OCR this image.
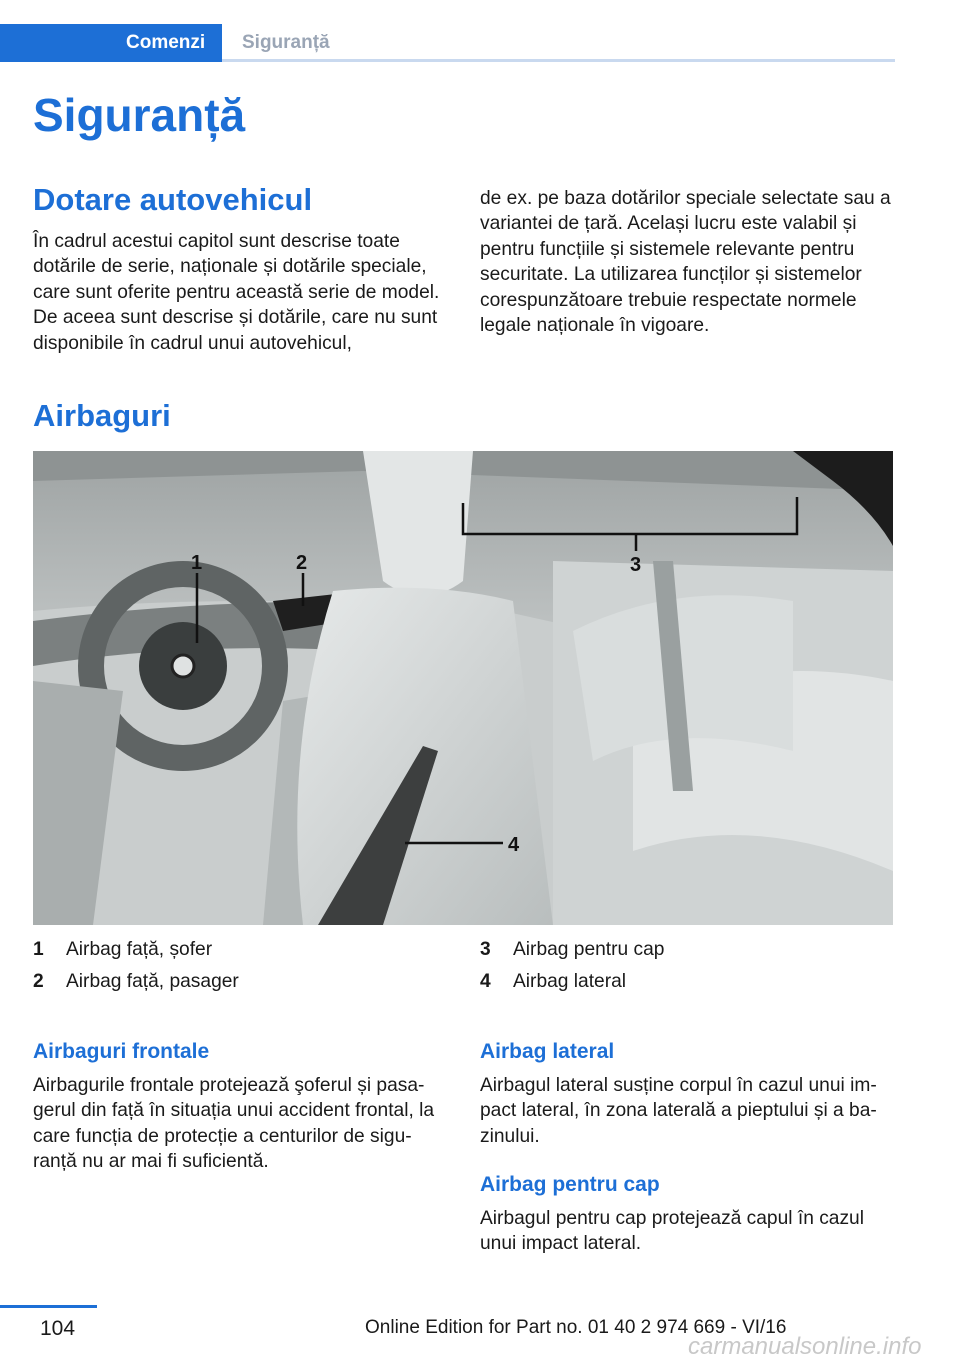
Comenzi	Siguranță
Siguranță
Dotare autovehicul

În cadrul acestui capitol sunt descrise toate dotările de serie, naționale și dotările speciale, care sunt oferite pentru această serie de model. De aceea sunt descrise și dotările, care nu sunt disponibile în cadrul unui autovehicul,

de ex. pe baza dotărilor speciale selectate sau a variantei de țară. Același lucru este valabil și pentru funcțiile și sistemele relevante pentru securitate. La utilizarea funcților și sistemelor corespunzătoare trebuie respectate normele legale naționale în vigoare.

Airbaguri
1	2	3
4
1	Airbag față, șofer
2	Airbag față, pasager
3	Airbag pentru cap
4	Airbag lateral
Airbaguri frontale

Airbagurile frontale protejează şoferul și pasagerul din față în situația unui accident frontal, la care funcția de protecție a centurilor de siguranță nu ar mai fi suficientă.

Airbag lateral

Airbagul lateral susține corpul în cazul unui impact lateral, în zona laterală a pieptului și a bazinului.

Airbag pentru cap

Airbagul pentru cap protejează capul în cazul unui impact lateral.

104	Online Edition for Part no. 01 40 2 974 669 - VI/16
carmanualsonline.info
